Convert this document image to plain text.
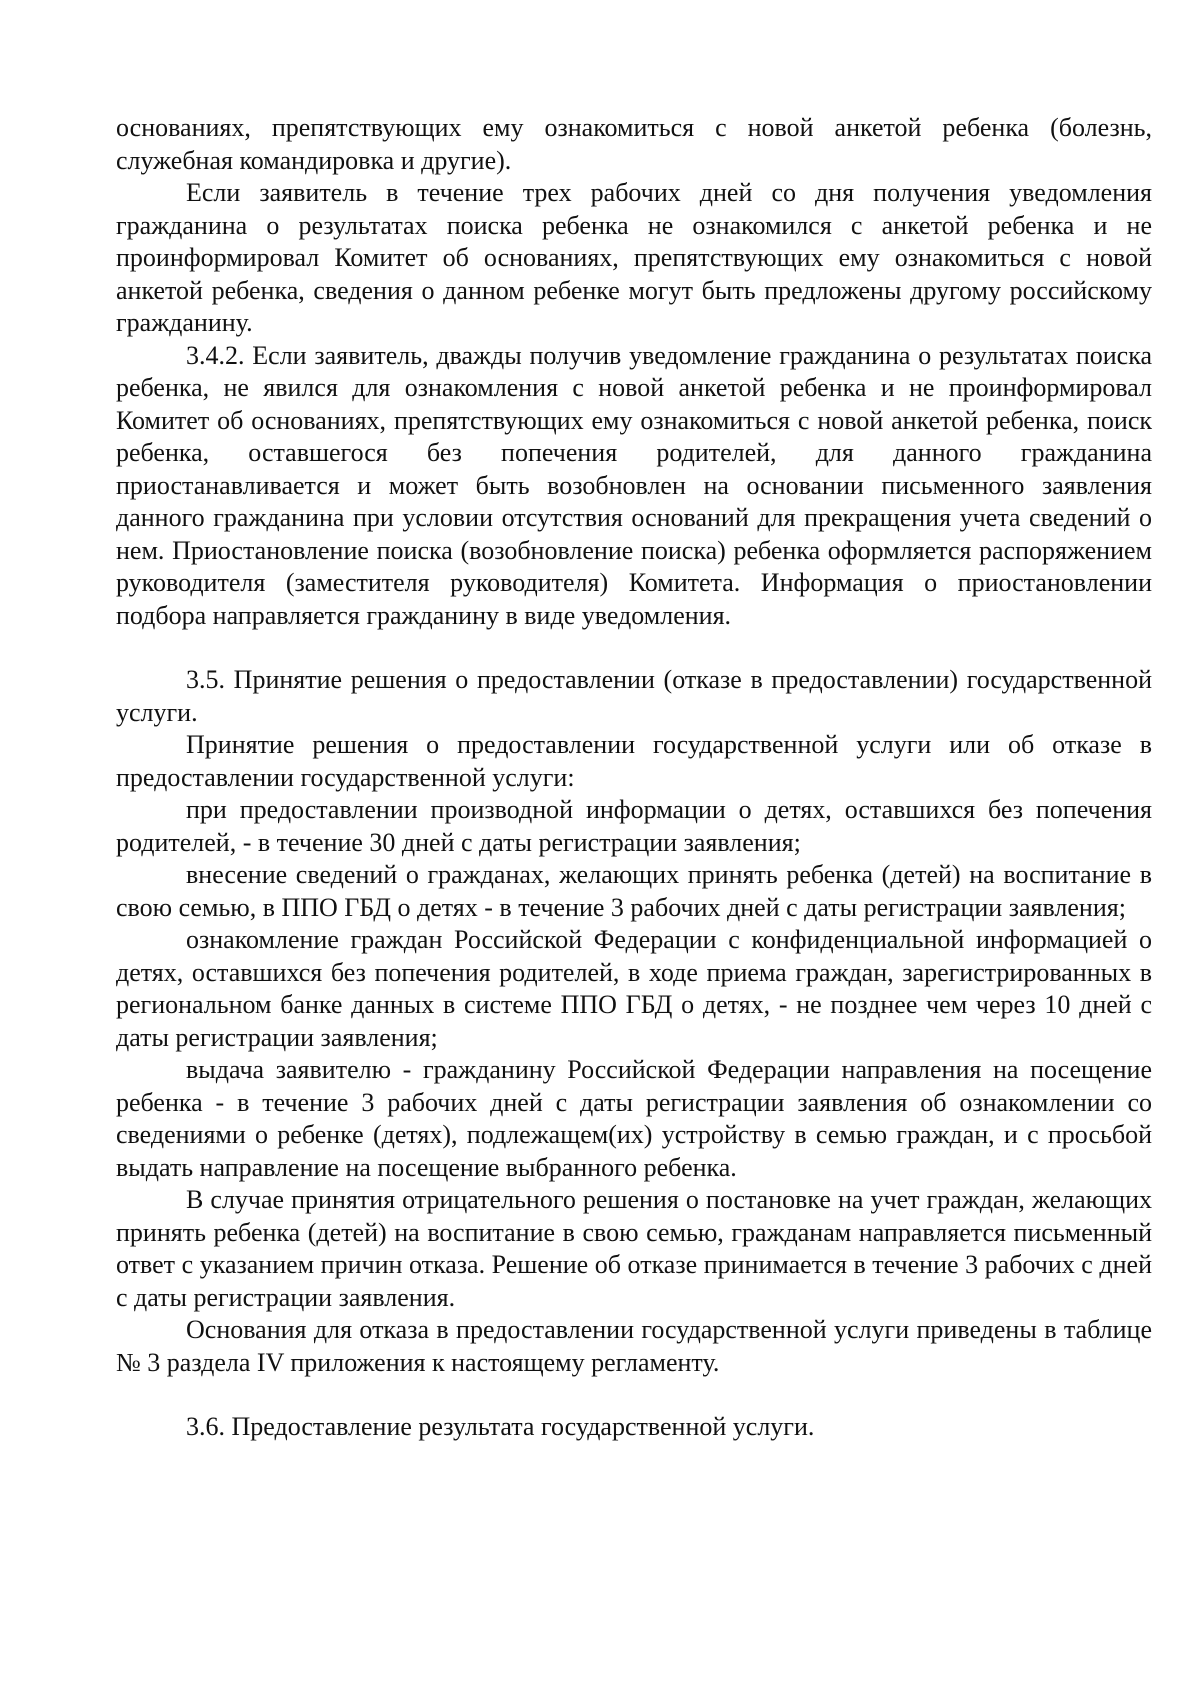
основаниях, препятствующих ему ознакомиться с новой анкетой ребенка (болезнь, служебная командировка и другие).

Если заявитель в течение трех рабочих дней со дня получения уведомления гражданина о результатах поиска ребенка не ознакомился с анкетой ребенка и не проинформировал Комитет об основаниях, препятствующих ему ознакомиться с новой анкетой ребенка, сведения о данном ребенке могут быть предложены другому российскому гражданину.

3.4.2. Если заявитель, дважды получив уведомление гражданина о результатах поиска ребенка, не явился для ознакомления с новой анкетой ребенка и не проинформировал Комитет об основаниях, препятствующих ему ознакомиться с новой анкетой ребенка, поиск ребенка, оставшегося без попечения родителей, для данного гражданина приостанавливается и может быть возобновлен на основании письменного заявления данного гражданина при условии отсутствия оснований для прекращения учета сведений о нем. Приостановление поиска (возобновление поиска) ребенка оформляется распоряжением руководителя (заместителя руководителя) Комитета. Информация о приостановлении подбора направляется гражданину в виде уведомления.

3.5. Принятие решения о предоставлении (отказе в предоставлении) государственной услуги.

Принятие решения о предоставлении государственной услуги или об отказе в предоставлении государственной услуги:

при предоставлении производной информации о детях, оставшихся без попечения родителей, - в течение 30 дней с даты регистрации заявления;

внесение сведений о гражданах, желающих принять ребенка (детей) на воспитание в свою семью, в ППО ГБД о детях - в течение 3 рабочих дней с даты регистрации заявления;

ознакомление граждан Российской Федерации с конфиденциальной информацией о детях, оставшихся без попечения родителей, в ходе приема граждан, зарегистрированных в региональном банке данных в системе ППО ГБД о детях, - не позднее чем через 10 дней с даты регистрации заявления;

выдача заявителю - гражданину Российской Федерации направления на посещение ребенка - в течение 3 рабочих дней с даты регистрации заявления об ознакомлении со сведениями о ребенке (детях), подлежащем(их) устройству в семью граждан, и с просьбой выдать направление на посещение выбранного ребенка.

В случае принятия отрицательного решения о постановке на учет граждан, желающих принять ребенка (детей) на воспитание в свою семью, гражданам направляется письменный ответ с указанием причин отказа. Решение об отказе принимается в течение 3 рабочих с дней с даты регистрации заявления.

Основания для отказа в предоставлении государственной услуги приведены в таблице № 3 раздела IV приложения к настоящему регламенту.

3.6. Предоставление результата государственной услуги.
